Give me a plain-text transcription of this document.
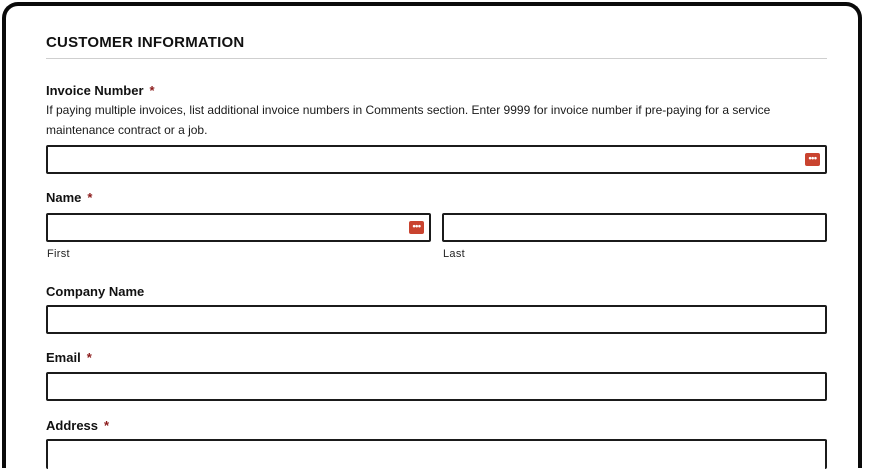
CUSTOMER INFORMATION
Invoice Number *
If paying multiple invoices, list additional invoice numbers in Comments section. Enter 9999 for invoice number if pre-paying for a service maintenance contract or a job.
•••
Name *
•••
First	Last
Company Name
Email *
Address *
